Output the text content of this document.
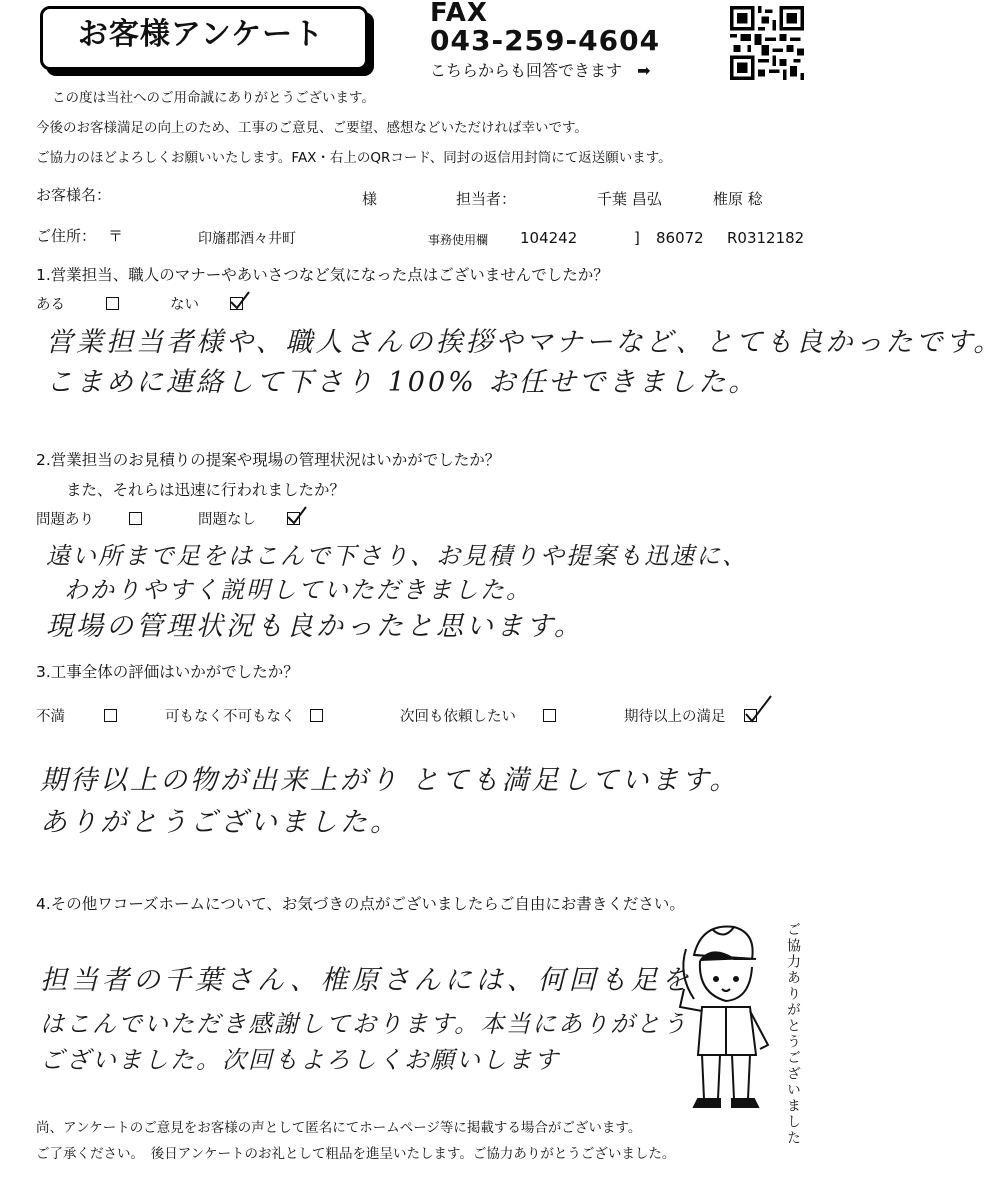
お客様アンケート
FAX
043-259-4604
こちらからも回答できます ➡
この度は当社へのご用命誠にありがとうございます。
今後のお客様満足の向上のため、工事のご意見、ご要望、感想などいただければ幸いです。
ご協力のほどよろしくお願いいたします。FAX・右上のQRコード、同封の返信用封筒にて返送願います。
お客様名：	様	担当者：	千葉 昌弘	椎原 稔
ご住所： 〒	印旛郡酒々井町	事務使用欄 104242	] 86072 R0312182
1.営業担当、職人のマナーやあいさつなど気になった点はございませんでしたか？
ある	ない
営業担当者様や、職人さんの挨拶やマナーなど、とても良かったです。
こまめに連絡して下さり 100% お任せできました。
2.営業担当のお見積りの提案や現場の管理状況はいかがでしたか？
また、それらは迅速に行われましたか？
問題あり	問題なし
遠い所まで足をはこんで下さり、お見積りや提案も迅速に、
わかりやすく説明していただきました。
現場の管理状況も良かったと思います。
3.工事全体の評価はいかがでしたか？
不満	可もなく不可もなく	次回も依頼したい	期待以上の満足
期待以上の物が出来上がり とても満足しています。
ありがとうございました。
4.その他ワコーズホームについて、お気づきの点がございましたらご自由にお書きください。
担当者の千葉さん、椎原さんには、何回も足を
はこんでいただき感謝しております。本当にありがとう
ございました。次回もよろしくお願いします	ご協力ありがとうございました
尚、アンケートのご意見をお客様の声として匿名にてホームページ等に掲載する場合がございます。
ご了承ください。　後日アンケートのお礼として粗品を進呈いたします。ご協力ありがとうございました。
